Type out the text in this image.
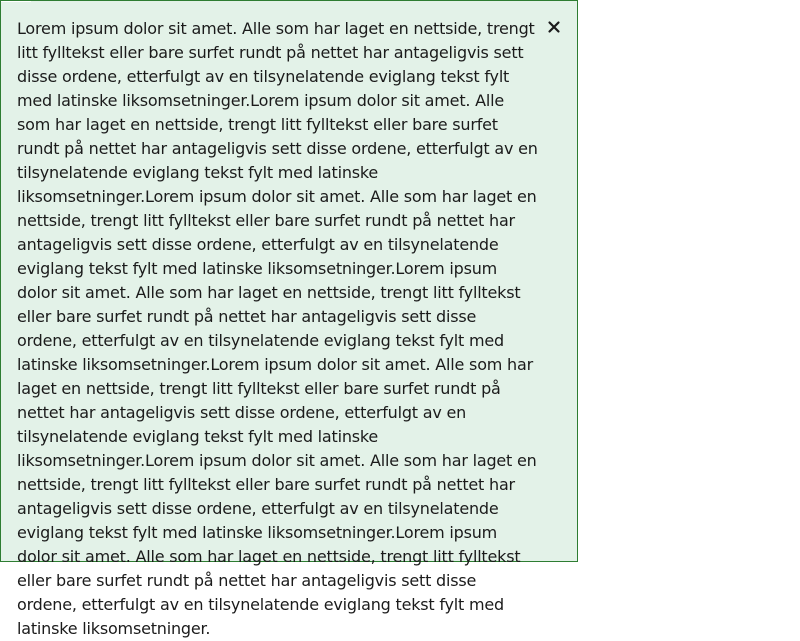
Lorem ipsum dolor sit amet. Alle som har laget en nettside, trengt litt fylltekst eller bare surfet rundt på nettet har antageligvis sett disse ordene, etterfulgt av en tilsynelatende eviglang tekst fylt med latinske liksomsetninger.Lorem ipsum dolor sit amet. Alle som har laget en nettside, trengt litt fylltekst eller bare surfet rundt på nettet har antageligvis sett disse ordene, etterfulgt av en tilsynelatende eviglang tekst fylt med latinske liksomsetninger.Lorem ipsum dolor sit amet. Alle som har laget en nettside, trengt litt fylltekst eller bare surfet rundt på nettet har antageligvis sett disse ordene, etterfulgt av en tilsynelatende eviglang tekst fylt med latinske liksomsetninger.Lorem ipsum dolor sit amet. Alle som har laget en nettside, trengt litt fylltekst eller bare surfet rundt på nettet har antageligvis sett disse ordene, etterfulgt av en tilsynelatende eviglang tekst fylt med latinske liksomsetninger.Lorem ipsum dolor sit amet. Alle som har laget en nettside, trengt litt fylltekst eller bare surfet rundt på nettet har antageligvis sett disse ordene, etterfulgt av en tilsynelatende eviglang tekst fylt med latinske liksomsetninger.Lorem ipsum dolor sit amet. Alle som har laget en nettside, trengt litt fylltekst eller bare surfet rundt på nettet har antageligvis sett disse ordene, etterfulgt av en tilsynelatende eviglang tekst fylt med latinske liksomsetninger.Lorem ipsum dolor sit amet. Alle som har laget en nettside, trengt litt fylltekst eller bare surfet rundt på nettet har antageligvis sett disse ordene, etterfulgt av en tilsynelatende eviglang tekst fylt med latinske liksomsetninger.
